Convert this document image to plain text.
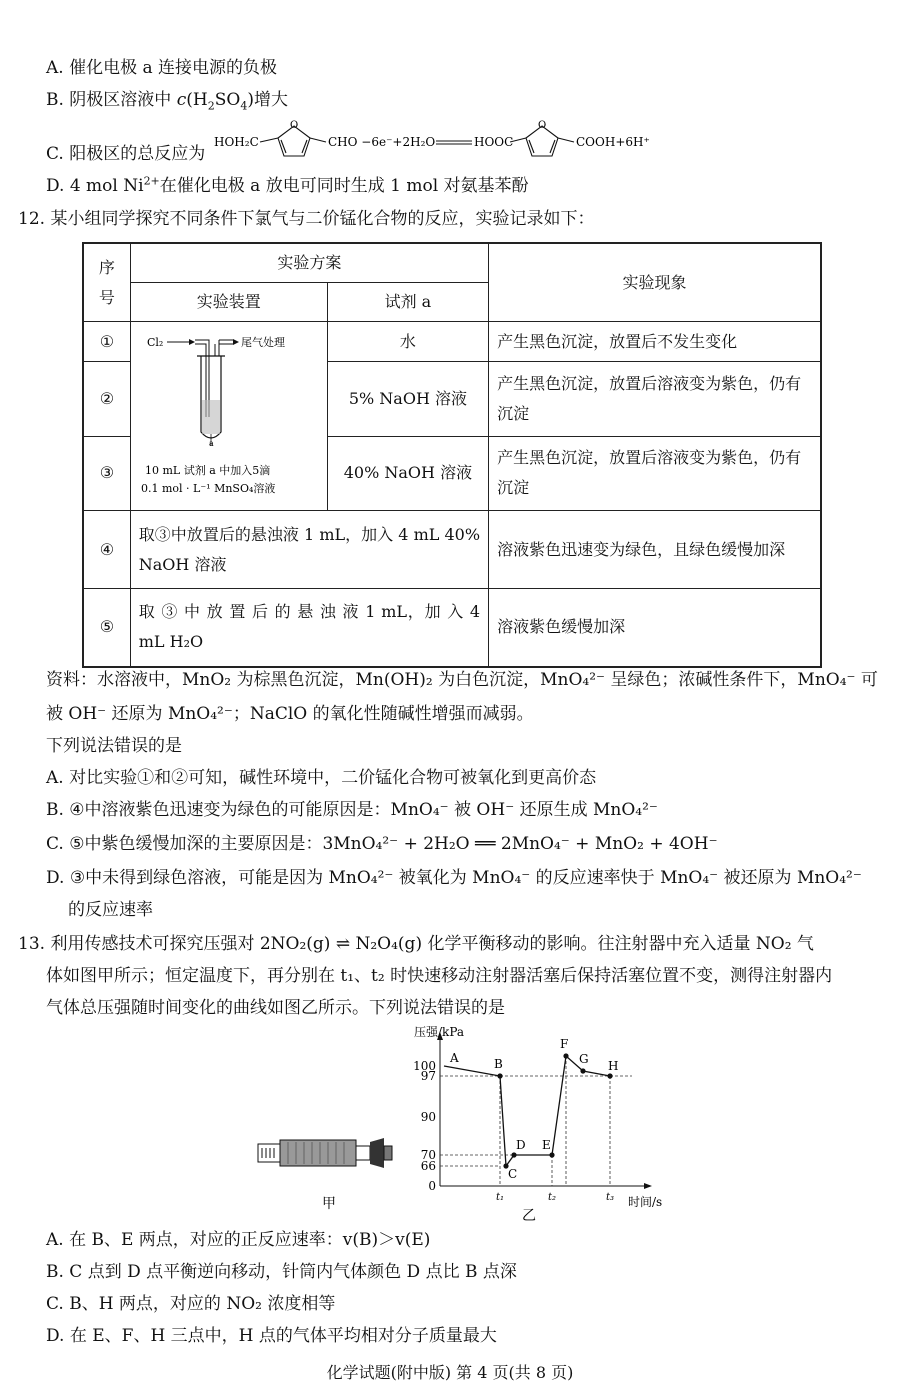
A. 催化电极 a 连接电源的负极
B. 阴极区溶液中 $c(H_2SO_4)$增大
C. 阳极区的总反应为
HOH₂C
O
CHO −6e⁻+2H₂O	HOOC
O
COOH+6H⁺
D. 4 mol $Ni^{2+}$在催化电极 a 放电可同时生成 1 mol 对氨基苯酚
12. 某小组同学探究不同条件下氯气与二价锰化合物的反应，实验记录如下：
序号	实验方案		实验现象
	实验装置	试剂 a	
①	Cl₂ 尾气处理
a
10 mL 试剂 a 中加入5滴
0.1 mol · L⁻¹ MnSO₄溶液	水	产生黑色沉淀，放置后不发生变化
②		5% NaOH 溶液	产生黑色沉淀，放置后溶液变为紫色，仍有沉淀
③		40% NaOH 溶液	产生黑色沉淀，放置后溶液变为紫色，仍有沉淀
④	取③中放置后的悬浊液 1 mL，加入 4 mL 40% NaOH 溶液		溶液紫色迅速变为绿色，且绿色缓慢加深
⑤	取 ③ 中 放 置 后 的 悬 浊 液 1 mL，加 入 4 mL H₂O		溶液紫色缓慢加深
资料：水溶液中，MnO₂ 为棕黑色沉淀，Mn(OH)₂ 为白色沉淀，MnO₄²⁻ 呈绿色；浓碱性条件下，MnO₄⁻ 可
被 OH⁻ 还原为 MnO₄²⁻；NaClO 的氧化性随碱性增强而减弱。
下列说法错误的是
A. 对比实验①和②可知，碱性环境中，二价锰化合物可被氧化到更高价态
B. ④中溶液紫色迅速变为绿色的可能原因是：MnO₄⁻ 被 OH⁻ 还原生成 MnO₄²⁻
C. ⑤中紫色缓慢加深的主要原因是：3MnO₄²⁻ + 2H₂O ══ 2MnO₄⁻ + MnO₂ + 4OH⁻
D. ③中未得到绿色溶液，可能是因为 MnO₄²⁻ 被氧化为 MnO₄⁻ 的反应速率快于 MnO₄⁻ 被还原为 MnO₄²⁻
的反应速率
13. 利用传感技术可探究压强对 2NO₂(g) ⇌ N₂O₄(g) 化学平衡移动的影响。往注射器中充入适量 NO₂ 气
体如图甲所示；恒定温度下，再分别在 t₁、t₂ 时快速移动注射器活塞后保持活塞位置不变，测得注射器内
气体总压强随时间变化的曲线如图乙所示。下列说法错误的是
甲
压强/kPa
时间/s
0
66
70
90
97
100
t₁	t₂	t₃
A	B
C
D E
F
G H
乙
A. 在 B、E 两点，对应的正反应速率：v(B)＞v(E)
B. C 点到 D 点平衡逆向移动，针筒内气体颜色 D 点比 B 点深
C. B、H 两点，对应的 NO₂ 浓度相等
D. 在 E、F、H 三点中，H 点的气体平均相对分子质量最大
化学试题(附中版) 第 4 页(共 8 页)
